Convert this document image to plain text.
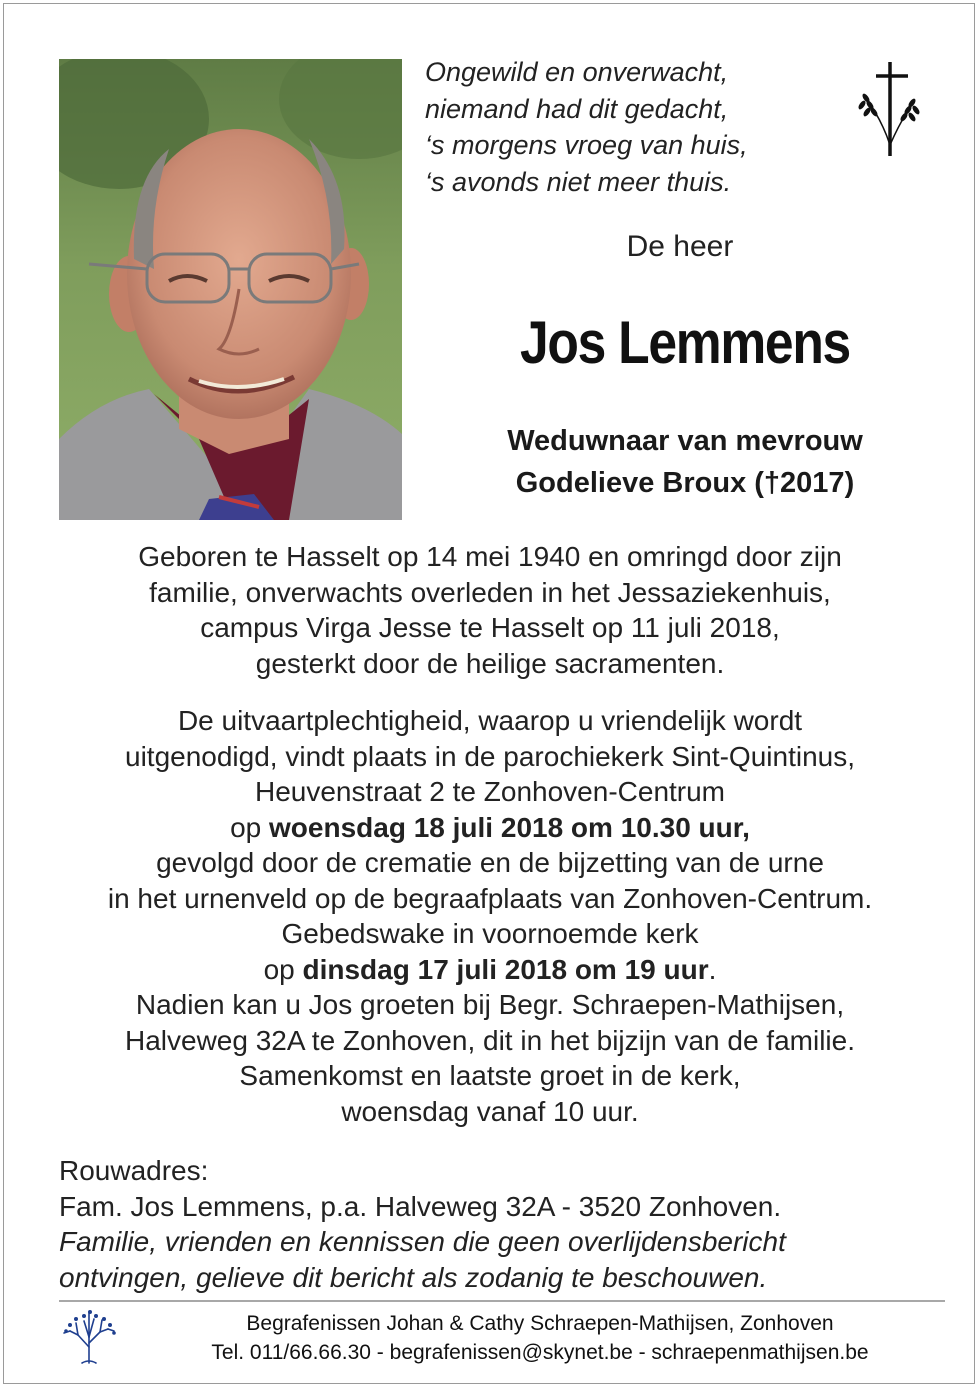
Ongewild en onverwacht,
niemand had dit gedacht,
‘s morgens vroeg van huis,
‘s avonds niet meer thuis.
De heer
Jos Lemmens
Weduwnaar van mevrouw
Godelieve Broux (†2017)
Geboren te Hasselt op 14 mei 1940 en omringd door zijn
familie, onverwachts overleden in het Jessaziekenhuis,
campus Virga Jesse te Hasselt op 11 juli 2018,
gesterkt door de heilige sacramenten.
De uitvaartplechtigheid, waarop u vriendelijk wordt
uitgenodigd, vindt plaats in de parochiekerk Sint-Quintinus,
Heuvenstraat 2 te Zonhoven-Centrum
op woensdag 18 juli 2018 om 10.30 uur,
gevolgd door de crematie en de bijzetting van de urne
in het urnenveld op de begraafplaats van Zonhoven-Centrum.
Gebedswake in voornoemde kerk
op dinsdag 17 juli 2018 om 19 uur.
Nadien kan u Jos groeten bij Begr. Schraepen-Mathijsen,
Halveweg 32A te Zonhoven, dit in het bijzijn van de familie.
Samenkomst en laatste groet in de kerk,
woensdag vanaf 10 uur.
Rouwadres:
Fam. Jos Lemmens, p.a. Halveweg 32A - 3520 Zonhoven.
Familie, vrienden en kennissen die geen overlijdensbericht
ontvingen, gelieve dit bericht als zodanig te beschouwen.
Begrafenissen Johan & Cathy Schraepen-Mathijsen, Zonhoven
Tel. 011/66.66.30 - begrafenissen@skynet.be - schraepenmathijsen.be
